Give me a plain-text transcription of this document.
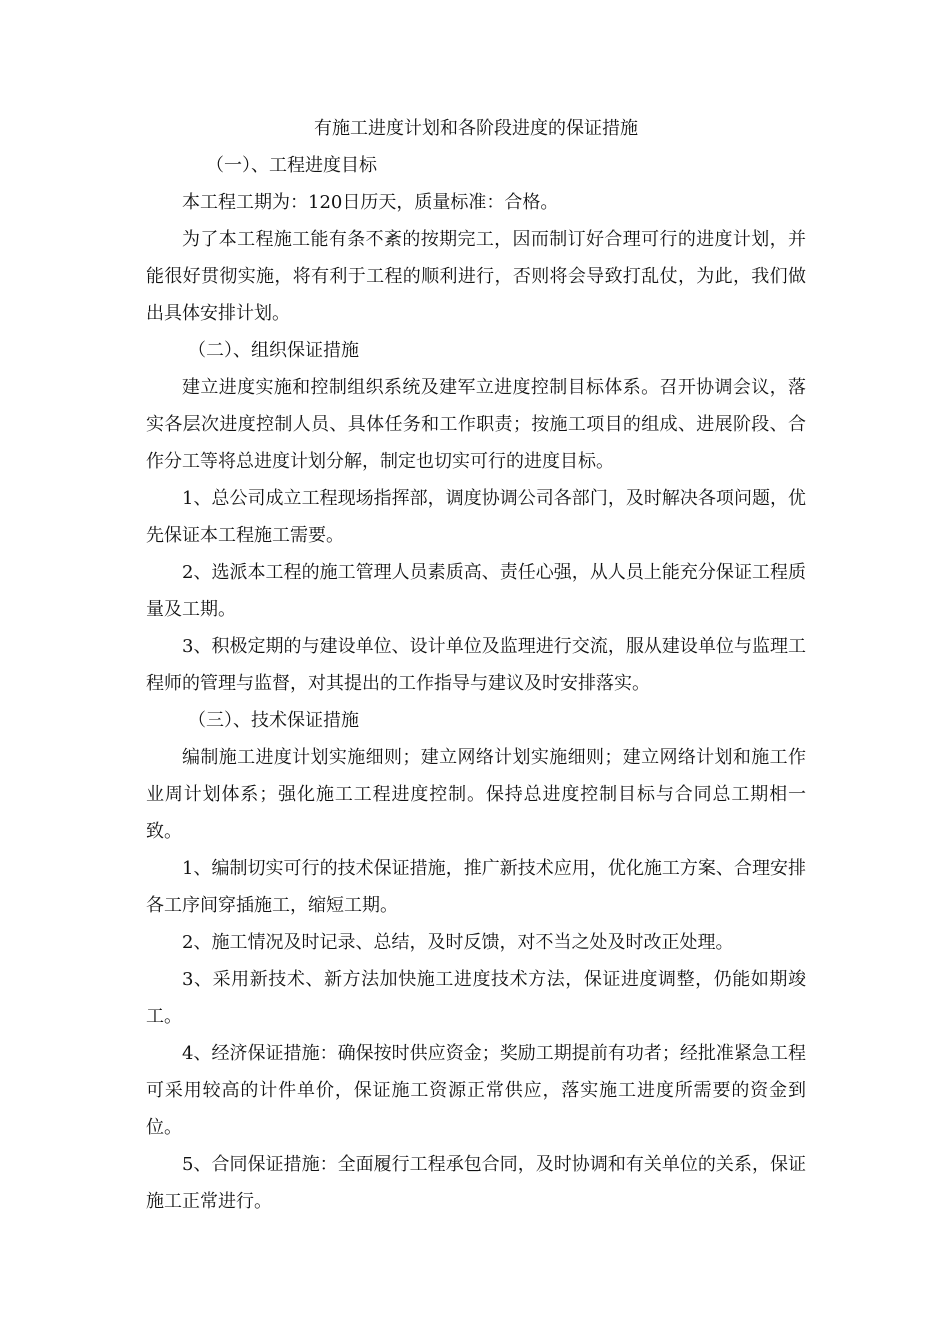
有施工进度计划和各阶段进度的保证措施

（一）、工程进度目标

本工程工期为：120日历天，质量标准：合格。

为了本工程施工能有条不紊的按期完工，因而制订好合理可行的进度计划，并能很好贯彻实施，将有利于工程的顺利进行，否则将会导致打乱仗，为此，我们做出具体安排计划。

（二）、组织保证措施

建立进度实施和控制组织系统及建军立进度控制目标体系。召开协调会议，落实各层次进度控制人员、具体任务和工作职责；按施工项目的组成、进展阶段、合作分工等将总进度计划分解，制定也切实可行的进度目标。

1、总公司成立工程现场指挥部，调度协调公司各部门，及时解决各项问题，优先保证本工程施工需要。

2、选派本工程的施工管理人员素质高、责任心强，从人员上能充分保证工程质量及工期。

3、积极定期的与建设单位、设计单位及监理进行交流，服从建设单位与监理工程师的管理与监督，对其提出的工作指导与建议及时安排落实。

（三）、技术保证措施

编制施工进度计划实施细则；建立网络计划实施细则；建立网络计划和施工作业周计划体系；强化施工工程进度控制。保持总进度控制目标与合同总工期相一致。

1、编制切实可行的技术保证措施，推广新技术应用，优化施工方案、合理安排各工序间穿插施工，缩短工期。

2、施工情况及时记录、总结，及时反馈，对不当之处及时改正处理。

3、采用新技术、新方法加快施工进度技术方法，保证进度调整，仍能如期竣工。

4、经济保证措施：确保按时供应资金；奖励工期提前有功者；经批准紧急工程可采用较高的计件单价，保证施工资源正常供应，落实施工进度所需要的资金到位。

5、合同保证措施：全面履行工程承包合同，及时协调和有关单位的关系，保证施工正常进行。
